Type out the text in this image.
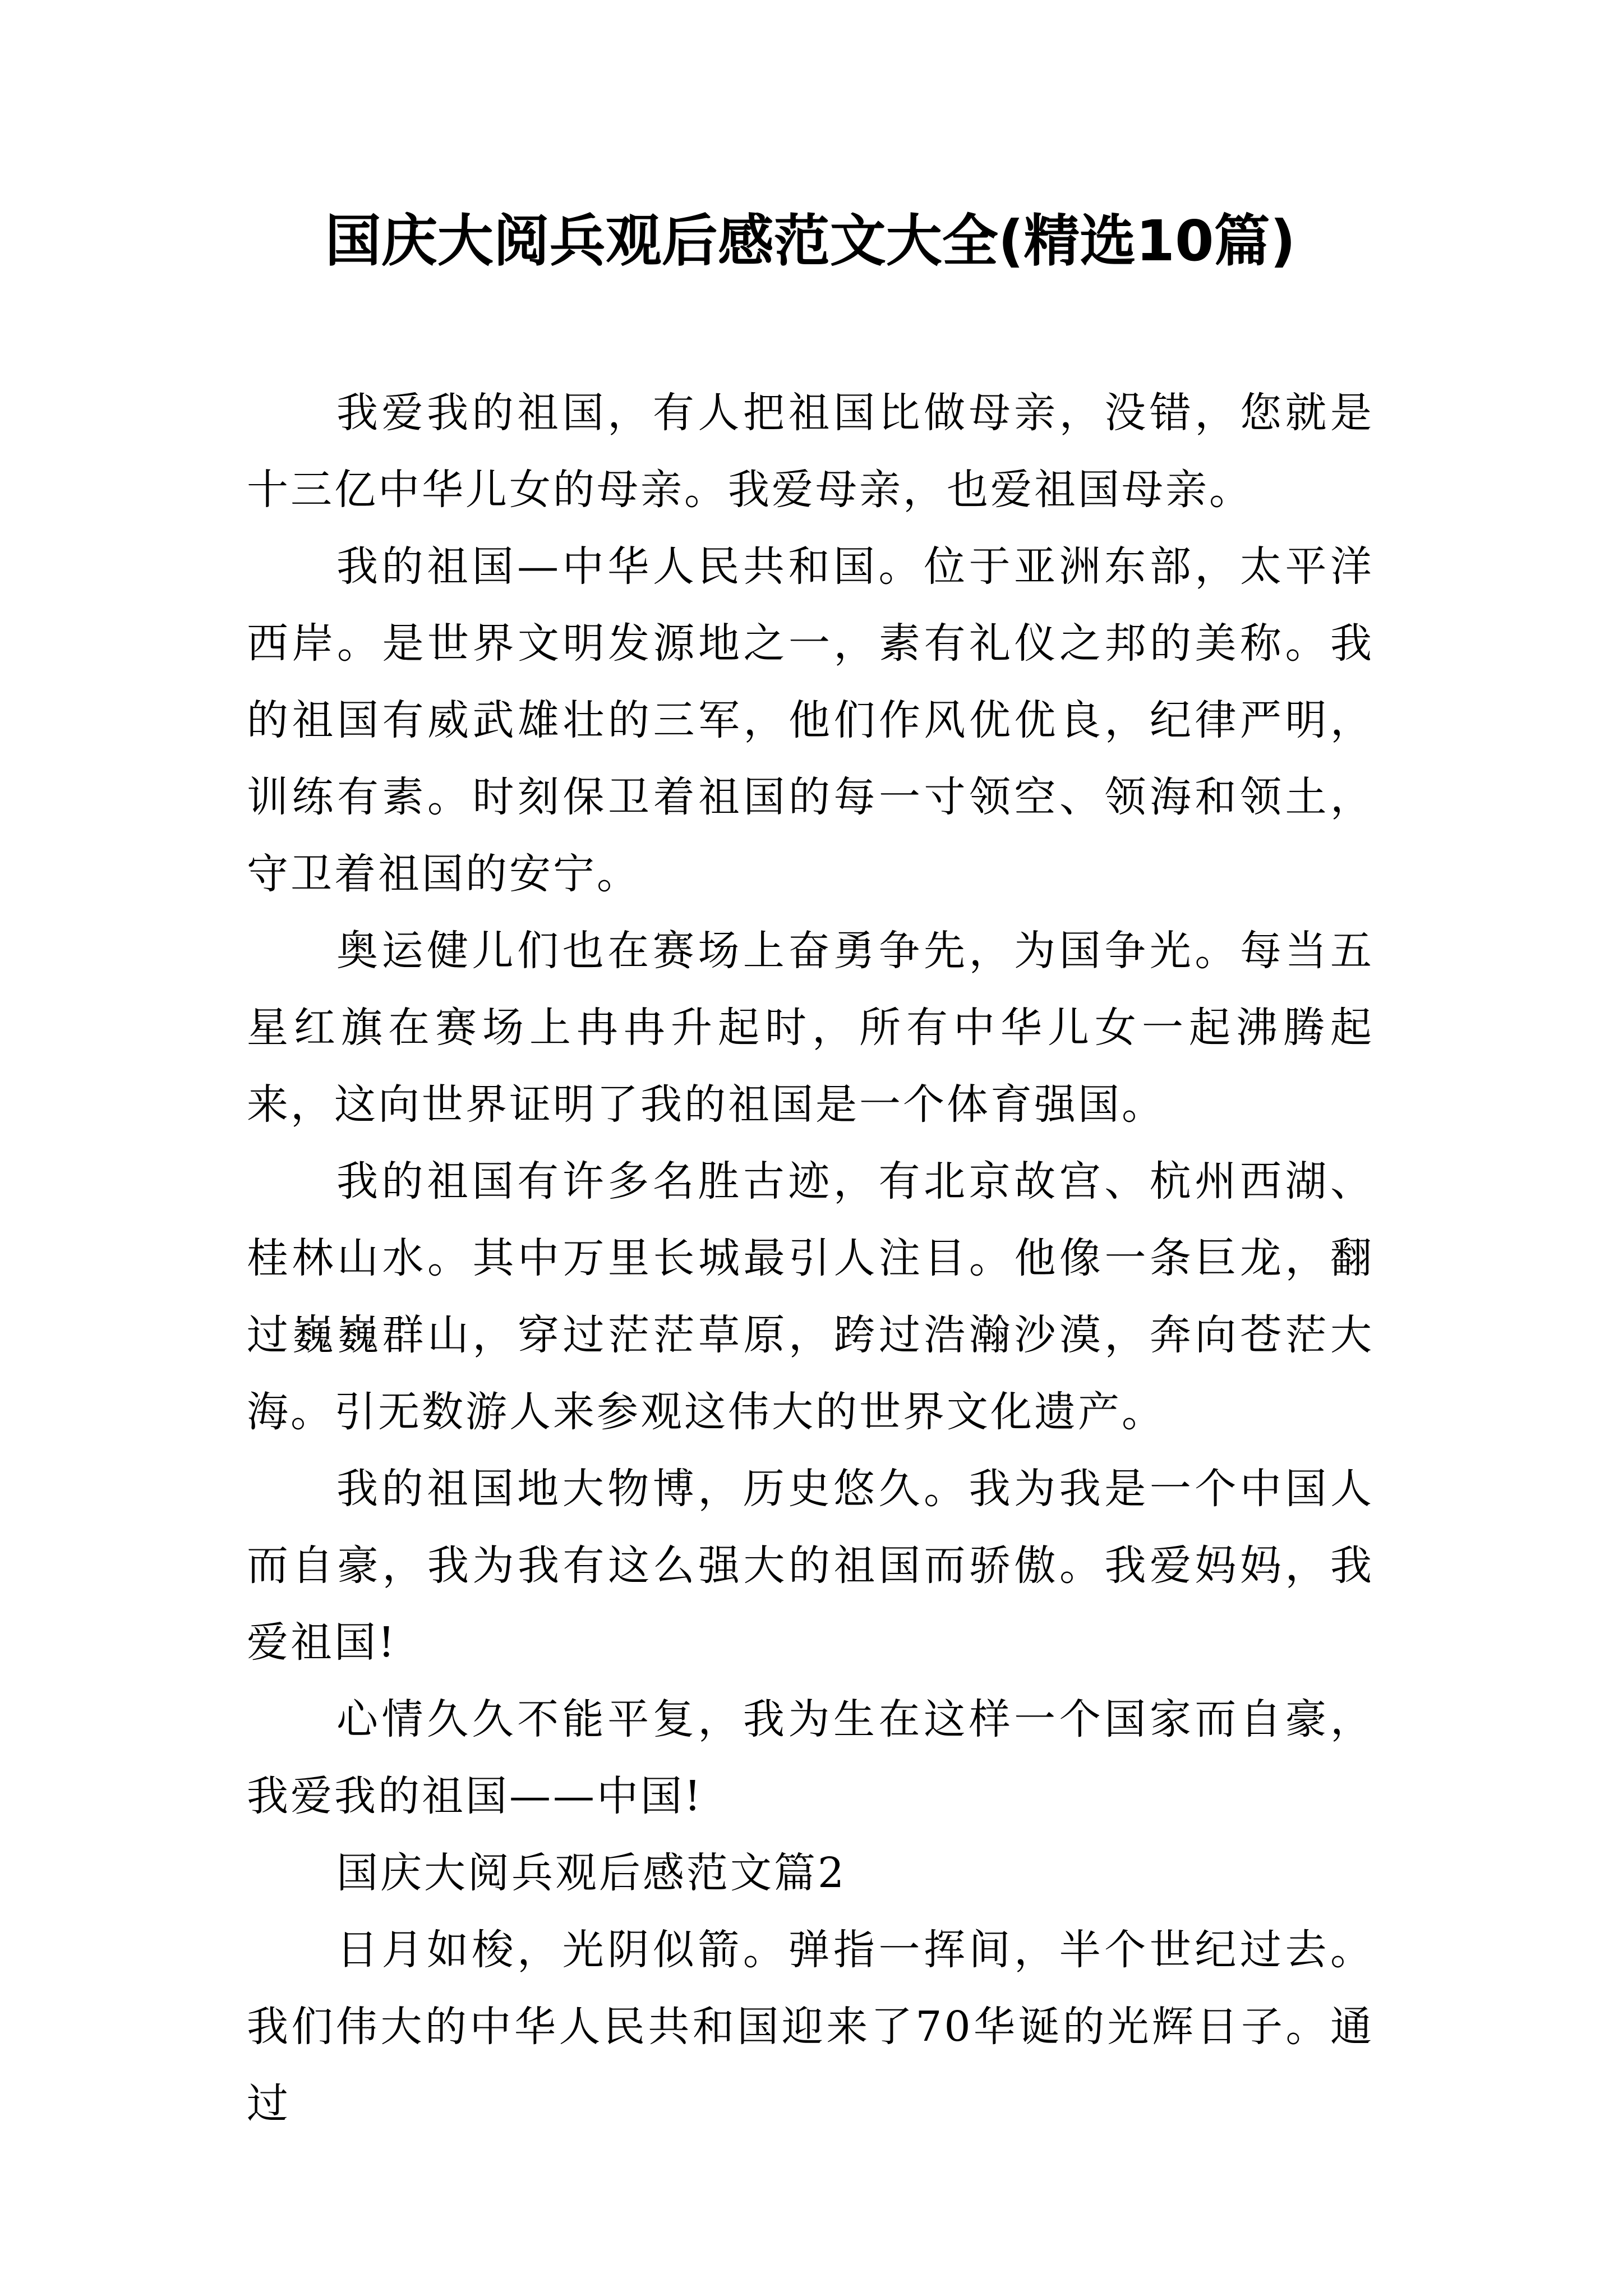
国庆大阅兵观后感范文大全(精选10篇)

我爱我的祖国，有人把祖国比做母亲，没错，您就是十三亿中华儿女的母亲。我爱母亲，也爱祖国母亲。

我的祖国—中华人民共和国。位于亚洲东部，太平洋西岸。是世界文明发源地之一，素有礼仪之邦的美称。我的祖国有威武雄壮的三军，他们作风优优良，纪律严明，训练有素。时刻保卫着祖国的每一寸领空、领海和领土，守卫着祖国的安宁。

奥运健儿们也在赛场上奋勇争先，为国争光。每当五星红旗在赛场上冉冉升起时，所有中华儿女一起沸腾起来，这向世界证明了我的祖国是一个体育强国。

我的祖国有许多名胜古迹，有北京故宫、杭州西湖、桂林山水。其中万里长城最引人注目。他像一条巨龙，翻过巍巍群山，穿过茫茫草原，跨过浩瀚沙漠，奔向苍茫大海。引无数游人来参观这伟大的世界文化遗产。

我的祖国地大物博，历史悠久。我为我是一个中国人而自豪，我为我有这么强大的祖国而骄傲。我爱妈妈，我爱祖国!

心情久久不能平复，我为生在这样一个国家而自豪，我爱我的祖国——中国!

国庆大阅兵观后感范文篇2

日月如梭，光阴似箭。弹指一挥间，半个世纪过去。我们伟大的中华人民共和国迎来了70华诞的光辉日子。通过
